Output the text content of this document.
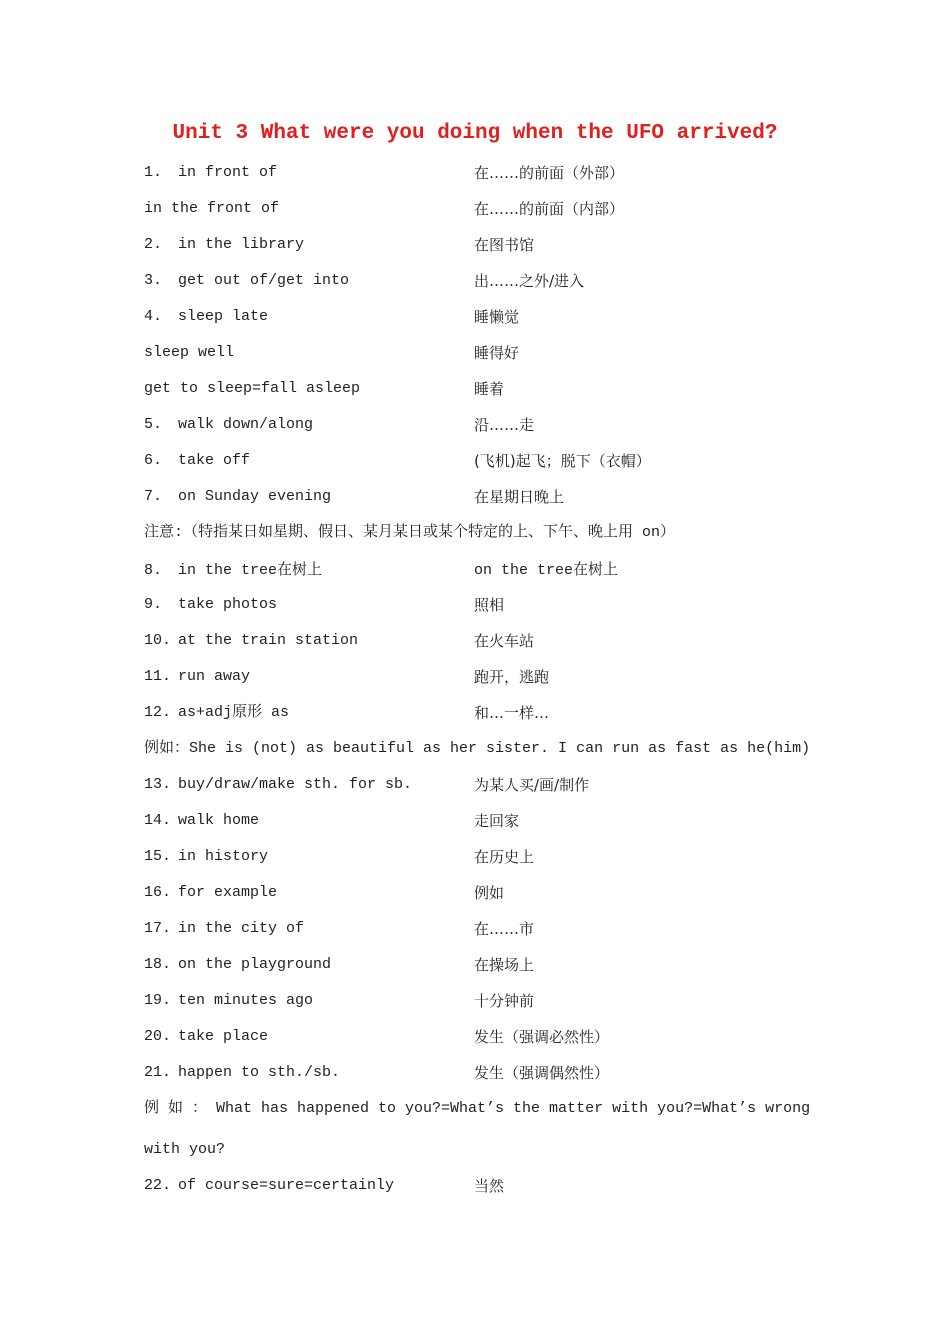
Unit 3 What were you doing when the UFO arrived?
1. in front of	在……的前面（外部）
in the front of	在……的前面（内部）
2. in the library	在图书馆
3. get out of/get into	出……之外/进入
4. sleep late	睡懒觉
sleep well	睡得好
get to sleep=fall asleep	睡着
5. walk down/along	沿……走
6. take off	(飞机)起飞；脱下（衣帽）
7. on Sunday evening	在星期日晚上
注意:（特指某日如星期、假日、某月某日或某个特定的上、下午、晚上用 on）
8. in the tree在树上	on the tree在树上
9. take photos	照相
10. at the train station	在火车站
11. run away	跑开，逃跑
12. as+adj原形 as	和…一样…
例如：She is (not) as beautiful as her sister. I can run as fast as he(him)
13. buy/draw/make sth. for sb.	为某人买/画/制作
14. walk home	走回家
15. in history	在历史上
16. for example	例如
17. in the city of	在……市
18. on the playground	在操场上
19. ten minutes ago	十分钟前
20. take place	发生（强调必然性）
21. happen to sth./sb.	发生（强调偶然性）
例 如 ： What has happened to you?=What’s the matter with you?=What’s wrong
with you?
22. of course=sure=certainly	当然
